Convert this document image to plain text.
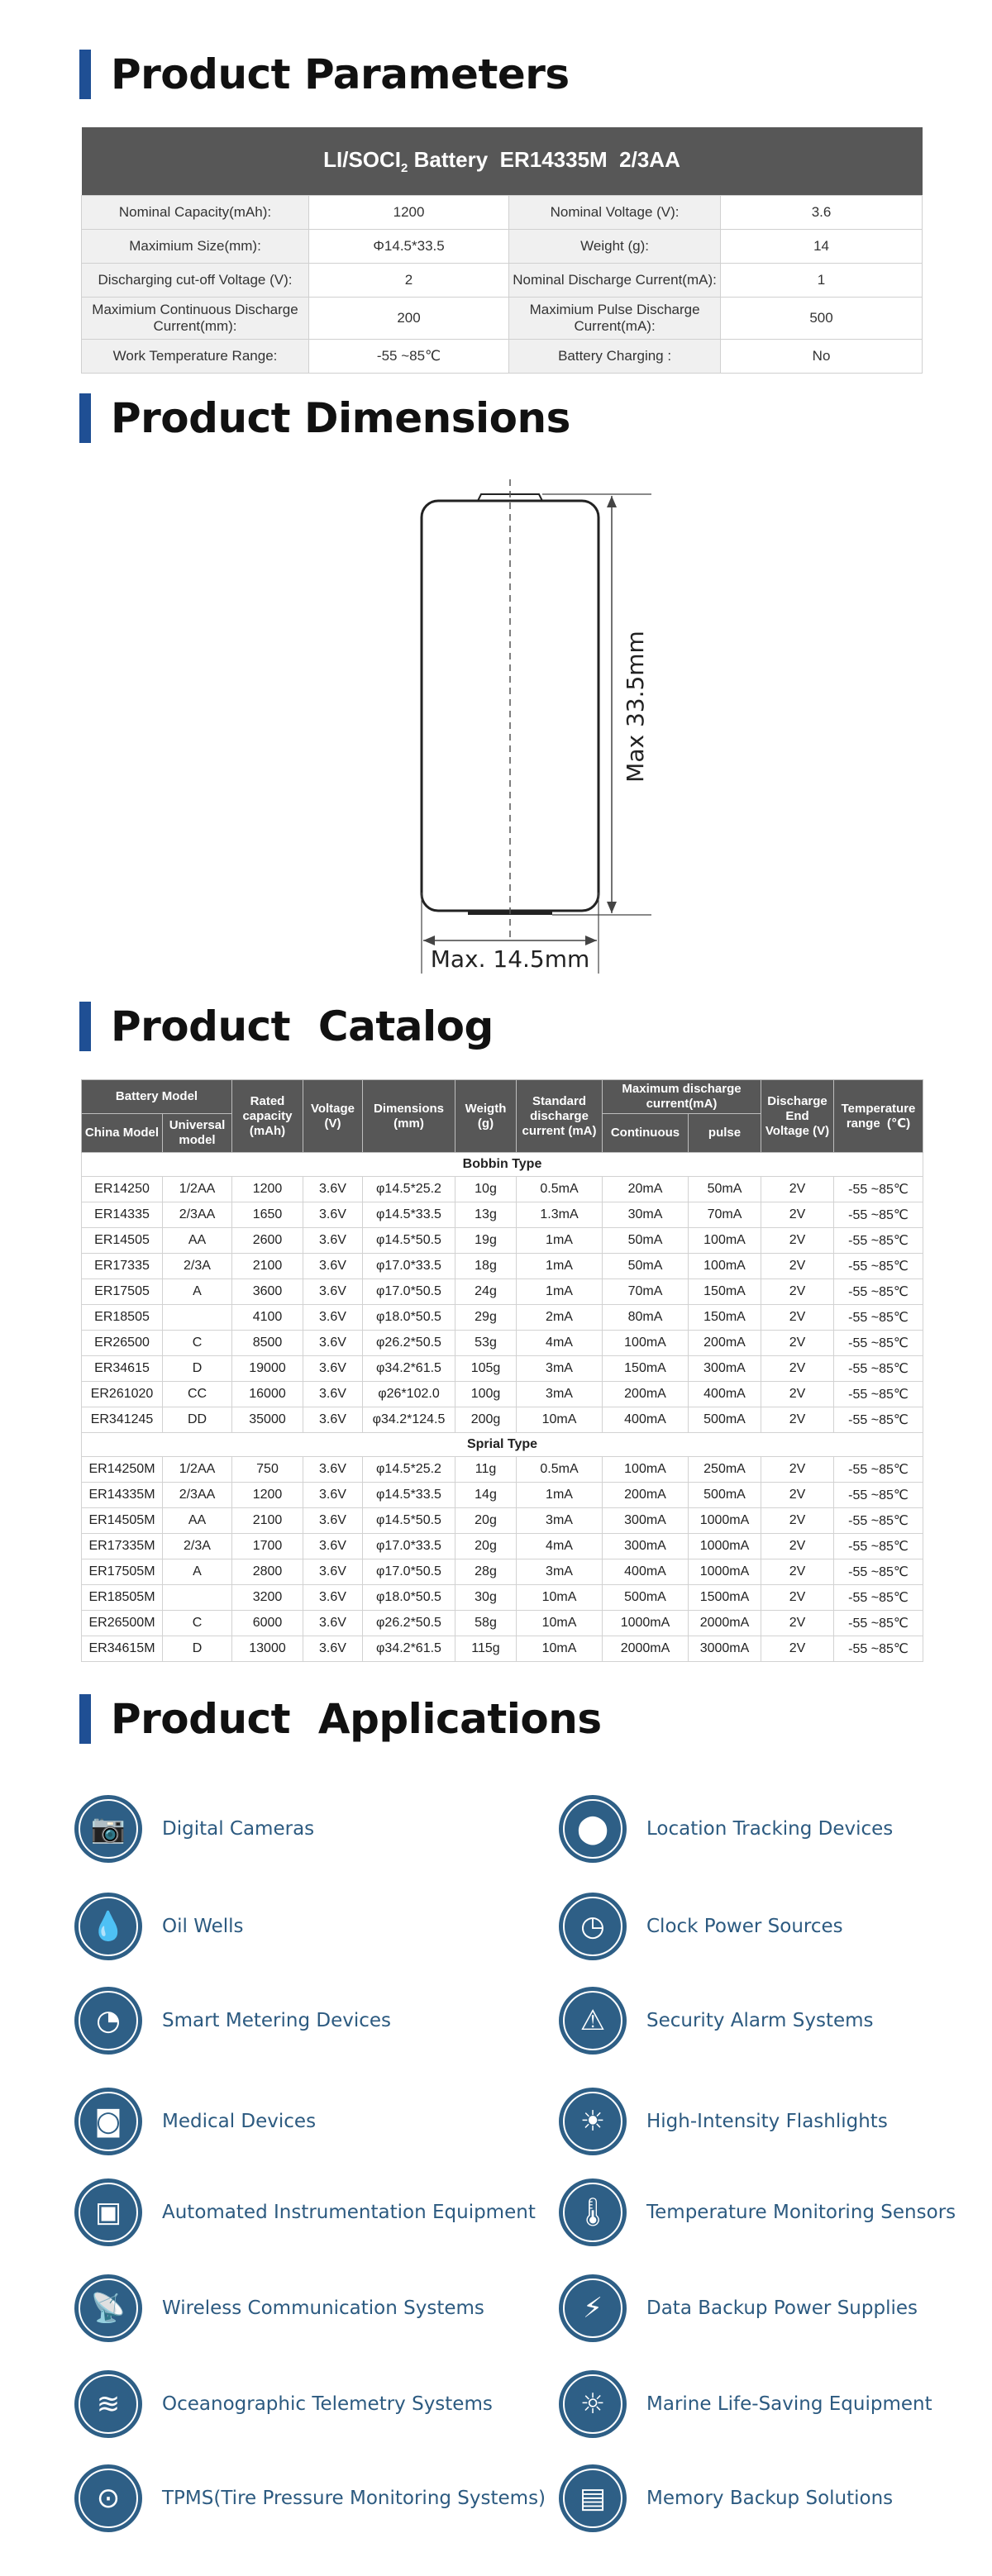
Product Parameters
$LI/SOCI_2$ Battery  ER14335M  2/3AA			
Nominal Capacity(mAh):	1200	Nominal Voltage (V):	3.6
Maximium Size(mm):	Φ14.5*33.5	Weight (g):	14
Discharging cut-off Voltage (V):	2	Nominal Discharge Current(mA):	1
Maximium Continuous Discharge Current(mm):	200	Maximium Pulse Discharge Current(mA):	500
Work Temperature Range:	-55 ~85℃	Battery Charging :	No
Product Dimensions
Max 33.5mm
Max. 14.5mm
Product  Catalog
Battery Model		Rated capacity (mAh)	Voltage (V)	Dimensions (mm)	Weigth (g)	Standard discharge current (mA)	Maximum discharge current(mA)		Discharge End Voltage (V)	Temperature range  (℃)
China Model	Universal model						Continuous	pulse		
Bobbin Type										
ER14250	1/2AA	1200	3.6V	φ14.5*25.2	10g	0.5mA	20mA	50mA	2V	-55 ~85℃
ER14335	2/3AA	1650	3.6V	φ14.5*33.5	13g	1.3mA	30mA	70mA	2V	-55 ~85℃
ER14505	AA	2600	3.6V	φ14.5*50.5	19g	1mA	50mA	100mA	2V	-55 ~85℃
ER17335	2/3A	2100	3.6V	φ17.0*33.5	18g	1mA	50mA	100mA	2V	-55 ~85℃
ER17505	A	3600	3.6V	φ17.0*50.5	24g	1mA	70mA	150mA	2V	-55 ~85℃
ER18505		4100	3.6V	φ18.0*50.5	29g	2mA	80mA	150mA	2V	-55 ~85℃
ER26500	C	8500	3.6V	φ26.2*50.5	53g	4mA	100mA	200mA	2V	-55 ~85℃
ER34615	D	19000	3.6V	φ34.2*61.5	105g	3mA	150mA	300mA	2V	-55 ~85℃
ER261020	CC	16000	3.6V	φ26*102.0	100g	3mA	200mA	400mA	2V	-55 ~85℃
ER341245	DD	35000	3.6V	φ34.2*124.5	200g	10mA	400mA	500mA	2V	-55 ~85℃
Sprial Type										
ER14250M	1/2AA	750	3.6V	φ14.5*25.2	11g	0.5mA	100mA	250mA	2V	-55 ~85℃
ER14335M	2/3AA	1200	3.6V	φ14.5*33.5	14g	1mA	200mA	500mA	2V	-55 ~85℃
ER14505M	AA	2100	3.6V	φ14.5*50.5	20g	3mA	300mA	1000mA	2V	-55 ~85℃
ER17335M	2/3A	1700	3.6V	φ17.0*33.5	20g	4mA	300mA	1000mA	2V	-55 ~85℃
ER17505M	A	2800	3.6V	φ17.0*50.5	28g	3mA	400mA	1000mA	2V	-55 ~85℃
ER18505M		3200	3.6V	φ18.0*50.5	30g	10mA	500mA	1500mA	2V	-55 ~85℃
ER26500M	C	6000	3.6V	φ26.2*50.5	58g	10mA	1000mA	2000mA	2V	-55 ~85℃
ER34615M	D	13000	3.6V	φ34.2*61.5	115g	10mA	2000mA	3000mA	2V	-55 ~85℃
Product  Applications
📷 Digital Cameras	⬤ Location Tracking Devices
💧 Oil Wells	◷ Clock Power Sources
◔ Smart Metering Devices	⚠ Security Alarm Systems
◙ Medical Devices	☀ High-Intensity Flashlights
▣ Automated Instrumentation Equipment 🌡 Temperature Monitoring Sensors
📡 Wireless Communication Systems	⚡ Data Backup Power Supplies
≋ Oceanographic Telemetry Systems	☼ Marine Life-Saving Equipment
⊙ TPMS(Tire Pressure Monitoring Systems) ▤ Memory Backup Solutions
